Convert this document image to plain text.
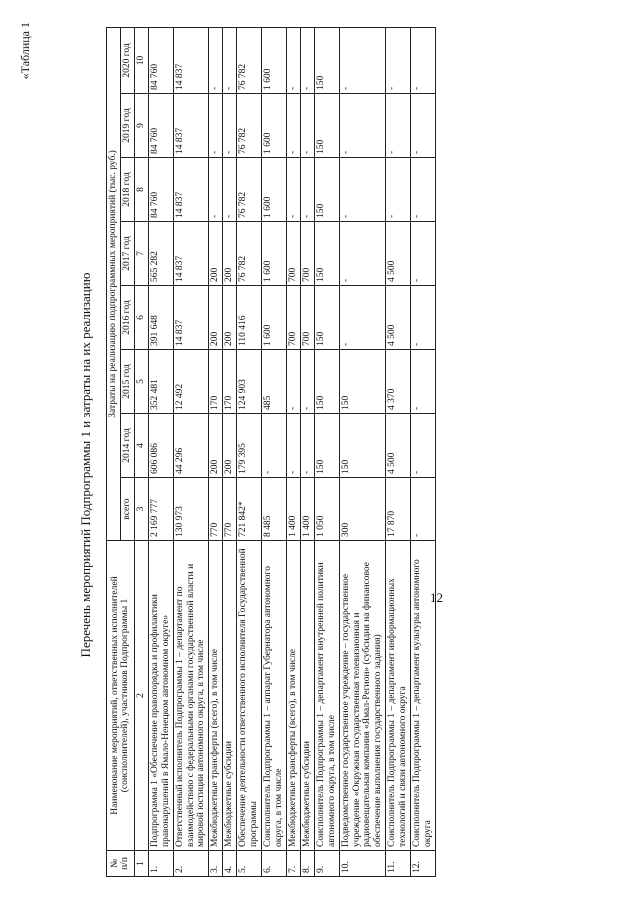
«Таблица 1
Перечень мероприятий Подпрограммы 1 и затраты на их реализацию
№ п/п	Наименование мероприятий, ответственных исполнителей (соисполнителей), участников Подпрограммы 1	Затраты на реализацию подпрограммных мероприятий (тыс. руб.)							
		всего	2014 год	2015 год	2016 год	2017 год	2018 год	2019 год	2020 год
1	2	3	4	5	6	7	8	9	10
1.	Подпрограмма 1 «Обеспечение правопорядка и профилактики правонарушений в Ямало-Ненецком автономном округе»	2 169 777	606 086	352 481	391 648	565 282	84 760	84 760	84 760
2.	Ответственный исполнитель Подпрограммы 1 – департамент по взаимодействию с федеральными органами государственной власти и мировой юстиции автономного округа, в том числе	130 973	44 296	12 492	14 837	14 837	14 837	14 837	14 837
3.	Межбюджетные трансферты (всего), в том числе	770	200	170	200	200	-	-	-
4.	Межбюджетные субсидии	770	200	170	200	200	-	-	-
5.	Обеспечение деятельности ответственного исполнителя Государственной программы	721 842*	179 395	124 903	110 416	76 782	76 782	76 782	76 782
6.	Соисполнитель Подпрограммы 1 – аппарат Губернатора автономного округа, в том числе	8 485	-	485	1 600	1 600	1 600	1 600	1 600
7.	Межбюджетные трансферты (всего), в том числе	1 400	-	-	700	700	-	-	-
8.	Межбюджетные субсидии	1 400	-	-	700	700	-	-	-
9.	Соисполнитель Подпрограммы 1 – департамент внутренней политики автономного округа, в том числе	1 050	150	150	150	150	150	150	150
10.	Подведомственное государственное учреждение – государственное учреждение «Окружная государственная телевизионная и радиовещательная компания «Ямал-Регион» (субсидия на финансовое обеспечение выполнения государственного задания)	300	150	150	-	-	-	-	-
11.	Соисполнитель Подпрограммы 1 – департамент информационных технологий и связи автономного округа	17 870	4 500	4 370	4 500	4 500	-	-	-
12.	Соисполнитель Подпрограммы 1 – департамент культуры автономного округа	-	-	-	-	-	-	-	-
12
